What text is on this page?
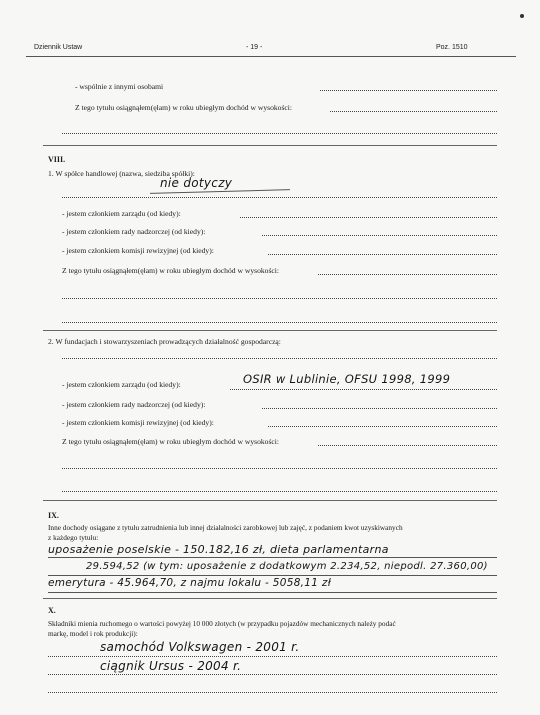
Dziennik Ustaw	- 19 -	Poz. 1510
- wspólnie z innymi osobami
Z tego tytułu osiągnąłem(ęłam) w roku ubiegłym dochód w wysokości:
VIII.
1. W spółce handlowej (nazwa, siedziba spółki):
nie dotyczy
- jestem członkiem zarządu (od kiedy):
- jestem członkiem rady nadzorczej (od kiedy):
- jestem członkiem komisji rewizyjnej (od kiedy):
Z tego tytułu osiągnąłem(ęłam) w roku ubiegłym dochód w wysokości:
2. W fundacjach i stowarzyszeniach prowadzących działalność gospodarczą:
- jestem członkiem zarządu (od kiedy):	OSIR w Lublinie, OFSU 1998, 1999
- jestem członkiem rady nadzorczej (od kiedy):
- jestem członkiem komisji rewizyjnej (od kiedy):
Z tego tytułu osiągnąłem(ęłam) w roku ubiegłym dochód w wysokości:
IX.
Inne dochody osiągane z tytułu zatrudnienia lub innej działalności zarobkowej lub zajęć, z podaniem kwot uzyskiwanych
z każdego tytułu:
uposażenie poselskie - 150.182,16 zł, dieta parlamentarna
29.594,52 (w tym: uposażenie z dodatkowym 2.234,52, niepodl. 27.360,00)
emerytura - 45.964,70, z najmu lokalu - 5058,11 zł
X.
Składniki mienia ruchomego o wartości powyżej 10 000 złotych (w przypadku pojazdów mechanicznych należy podać
markę, model i rok produkcji):
samochód Volkswagen - 2001 r.
ciągnik Ursus - 2004 r.
